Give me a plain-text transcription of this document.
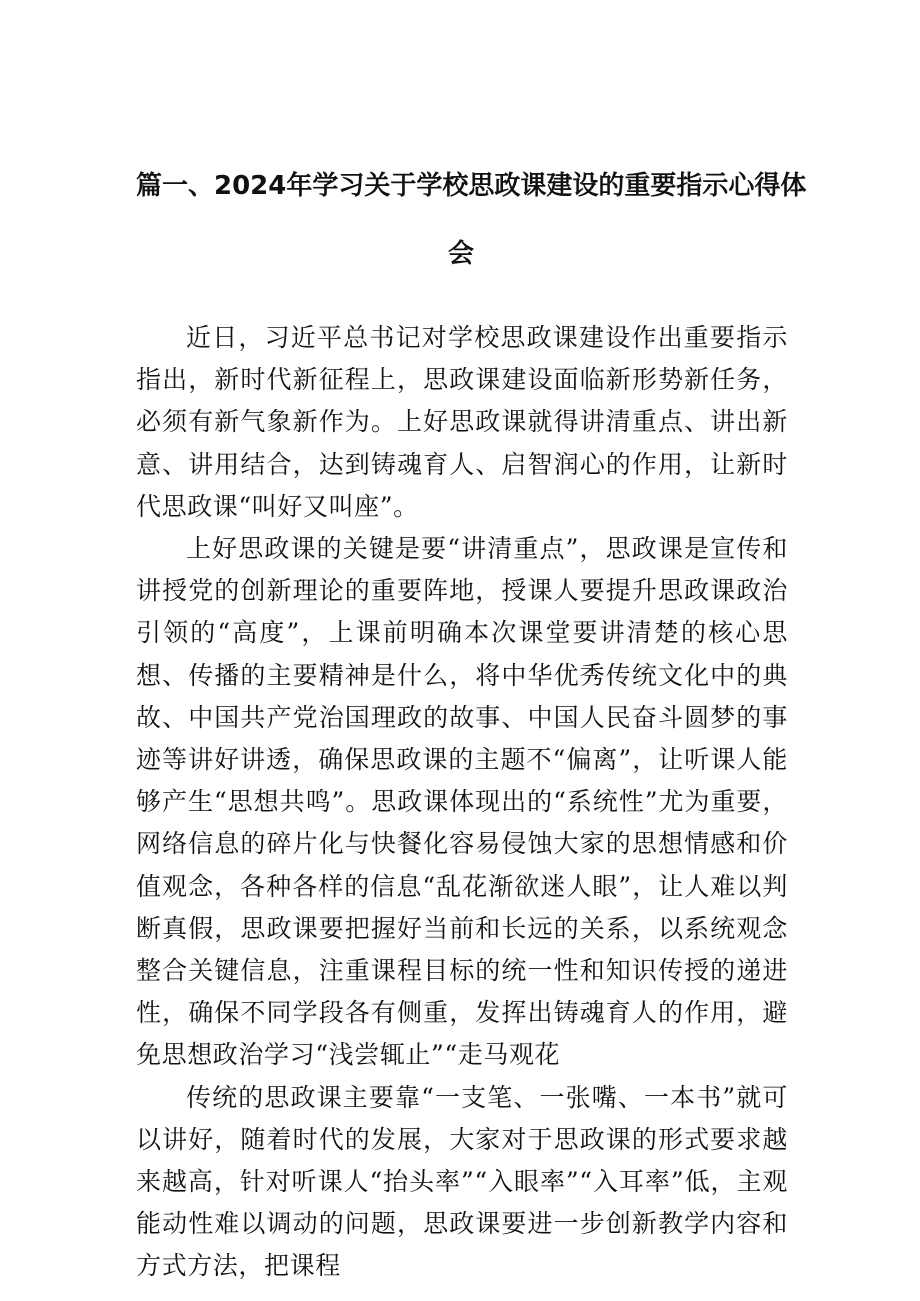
篇一、2024年学习关于学校思政课建设的重要指示心得体
会

近日，习近平总书记对学校思政课建设作出重要指示指出，新时代新征程上，思政课建设面临新形势新任务，必须有新气象新作为。上好思政课就得讲清重点、讲出新意、讲用结合，达到铸魂育人、启智润心的作用，让新时代思政课“叫好又叫座”。

上好思政课的关键是要“讲清重点”，思政课是宣传和讲授党的创新理论的重要阵地，授课人要提升思政课政治引领的“高度”，上课前明确本次课堂要讲清楚的核心思想、传播的主要精神是什么，将中华优秀传统文化中的典故、中国共产党治国理政的故事、中国人民奋斗圆梦的事迹等讲好讲透，确保思政课的主题不“偏离”，让听课人能够产生“思想共鸣”。思政课体现出的“系统性”尤为重要，网络信息的碎片化与快餐化容易侵蚀大家的思想情感和价值观念，各种各样的信息“乱花渐欲迷人眼”，让人难以判断真假，思政课要把握好当前和长远的关系，以系统观念整合关键信息，注重课程目标的统一性和知识传授的递进性，确保不同学段各有侧重，发挥出铸魂育人的作用，避免思想政治学习“浅尝辄止”“走马观花

传统的思政课主要靠“一支笔、一张嘴、一本书”就可以讲好，随着时代的发展，大家对于思政课的形式要求越来越高，针对听课人“抬头率”“入眼率”“入耳率”低，主观能动性难以调动的问题，思政课要进一步创新教学内容和方式方法，把课程
